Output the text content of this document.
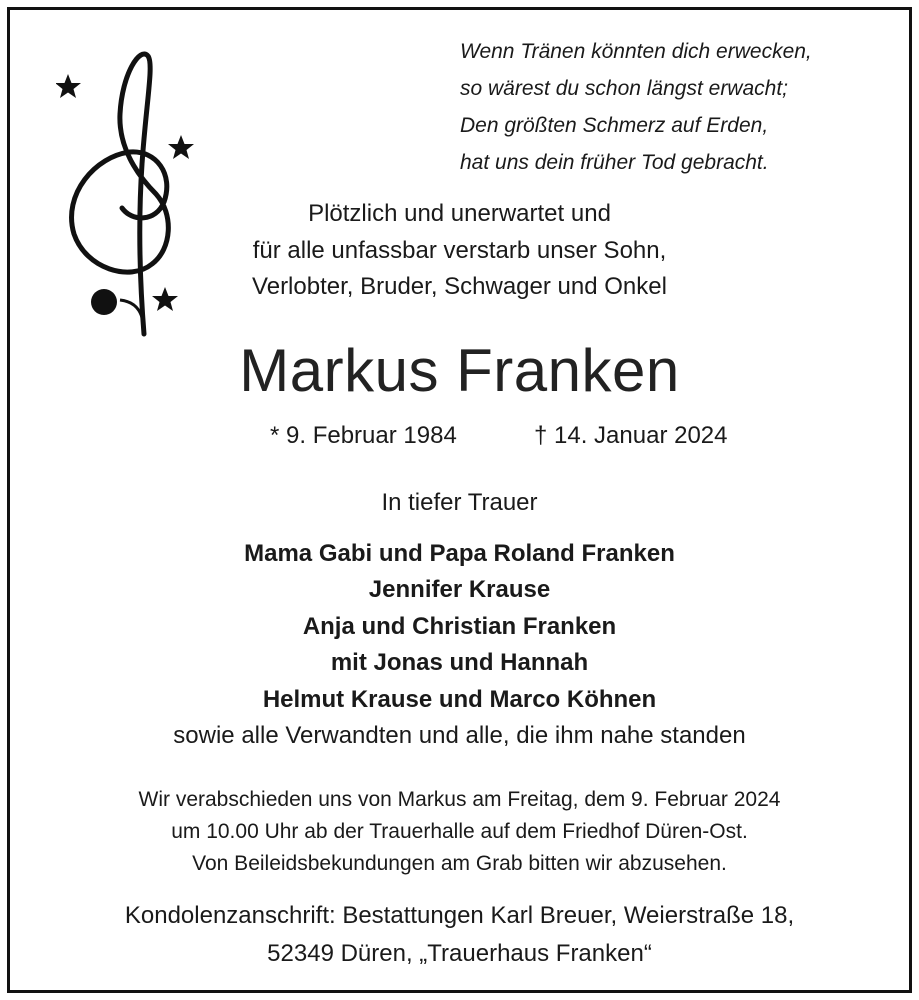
Wenn Tränen könnten dich erwecken,
so wärest du schon längst erwacht;
Den größten Schmerz auf Erden,
hat uns dein früher Tod gebracht.
Plötzlich und unerwartet und
für alle unfassbar verstarb unser Sohn,
Verlobter, Bruder, Schwager und Onkel
Markus Franken
* 9. Februar 1984	† 14. Januar 2024
In tiefer Trauer
Mama Gabi und Papa Roland Franken
Jennifer Krause
Anja und Christian Franken
mit Jonas und Hannah
Helmut Krause und Marco Köhnen
sowie alle Verwandten und alle, die ihm nahe standen
Wir verabschieden uns von Markus am Freitag, dem 9. Februar 2024
um 10.00 Uhr ab der Trauerhalle auf dem Friedhof Düren-Ost.
Von Beileidsbekundungen am Grab bitten wir abzusehen.
Kondolenzanschrift: Bestattungen Karl Breuer, Weierstraße 18,
52349 Düren, „Trauerhaus Franken“
